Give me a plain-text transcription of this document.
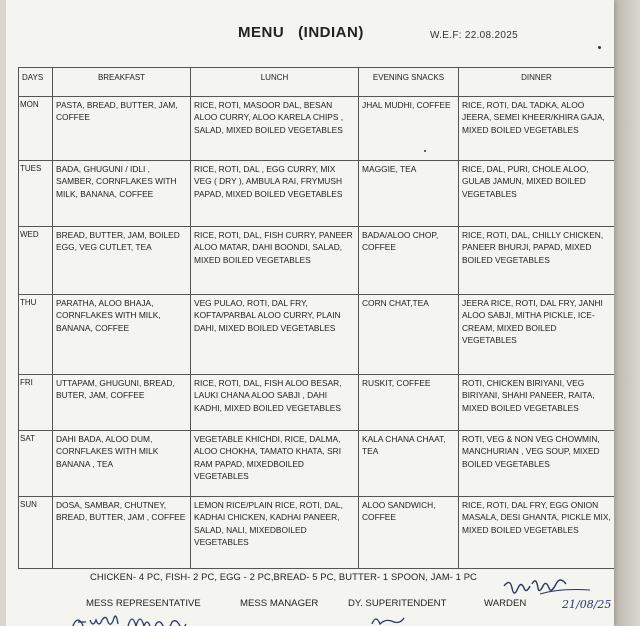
MENU   (INDIAN)	W.E.F: 22.08.2025
DAYS	BREAKFAST	LUNCH	EVENING SNACKS	DINNER
MON	PASTA, BREAD, BUTTER, JAM, COFFEE	RICE, ROTI, MASOOR DAL, BESAN ALOO CURRY, ALOO KARELA CHIPS , SALAD, MIXED BOILED VEGETABLES	JHAL MUDHI, COFFEE	RICE, ROTI, DAL TADKA, ALOO JEERA, SEMEI KHEER/KHIRA GAJA, MIXED BOILED VEGETABLES
TUES	BADA, GHUGUNI / IDLI , SAMBER, CORNFLAKES WITH MILK, BANANA, COFFEE	RICE, ROTI, DAL , EGG CURRY, MIX VEG ( DRY ), AMBULA RAI, FRYMUSH PAPAD, MIXED BOILED VEGETABLES	MAGGIE, TEA	RICE, DAL, PURI, CHOLE ALOO, GULAB JAMUN, MIXED BOILED VEGETABLES
WED	BREAD, BUTTER, JAM, BOILED EGG, VEG CUTLET, TEA	RICE, ROTI, DAL, FISH CURRY, PANEER ALOO MATAR, DAHI BOONDI, SALAD, MIXED BOILED VEGETABLES	BADA/ALOO CHOP, COFFEE	RICE, ROTI, DAL, CHILLY CHICKEN, PANEER BHURJI, PAPAD, MIXED BOILED VEGETABLES
THU	PARATHA, ALOO BHAJA, CORNFLAKES WITH MILK, BANANA, COFFEE	VEG PULAO, ROTI, DAL FRY, KOFTA/PARBAL ALOO CURRY, PLAIN DAHI, MIXED BOILED VEGETABLES	CORN CHAT,TEA	JEERA RICE, ROTI, DAL FRY, JANHI ALOO SABJI, MITHA PICKLE, ICE-CREAM, MIXED BOILED VEGETABLES
FRI	UTTAPAM, GHUGUNI, BREAD, BUTER, JAM, COFFEE	RICE, ROTI, DAL, FISH ALOO BESAR, LAUKI CHANA ALOO SABJI , DAHI KADHI, MIXED BOILED VEGETABLES	RUSKIT, COFFEE	ROTI, CHICKEN BIRIYANI, VEG BIRIYANI, SHAHI PANEER, RAITA, MIXED BOILED VEGETABLES
SAT	DAHI BADA, ALOO DUM, CORNFLAKES WITH MILK BANANA , TEA	VEGETABLE KHICHDI, RICE, DALMA, ALOO CHOKHA, TAMATO KHATA, SRI RAM PAPAD, MIXEDBOILED VEGETABLES	KALA CHANA CHAAT, TEA	ROTI, VEG & NON VEG CHOWMIN, MANCHURIAN , VEG SOUP, MIXED BOILED VEGETABLES
SUN	DOSA, SAMBAR, CHUTNEY, BREAD, BUTTER, JAM , COFFEE	LEMON RICE/PLAIN RICE, ROTI, DAL, KADHAI CHICKEN, KADHAI PANEER, SALAD, NALI, MIXEDBOILED VEGETABLES	ALOO SANDWICH, COFFEE	RICE, ROTI, DAL FRY, EGG ONION MASALA, DESI GHANTA, PICKLE MIX, MIXED BOILED VEGETABLES
CHICKEN- 4 PC, FISH- 2 PC, EGG - 2 PC,BREAD- 5 PC, BUTTER- 1 SPOON, JAM- 1 PC
MESS REPRESENTATIVE	MESS MANAGER	DY. SUPERITENDENT	WARDEN	21/08/25
